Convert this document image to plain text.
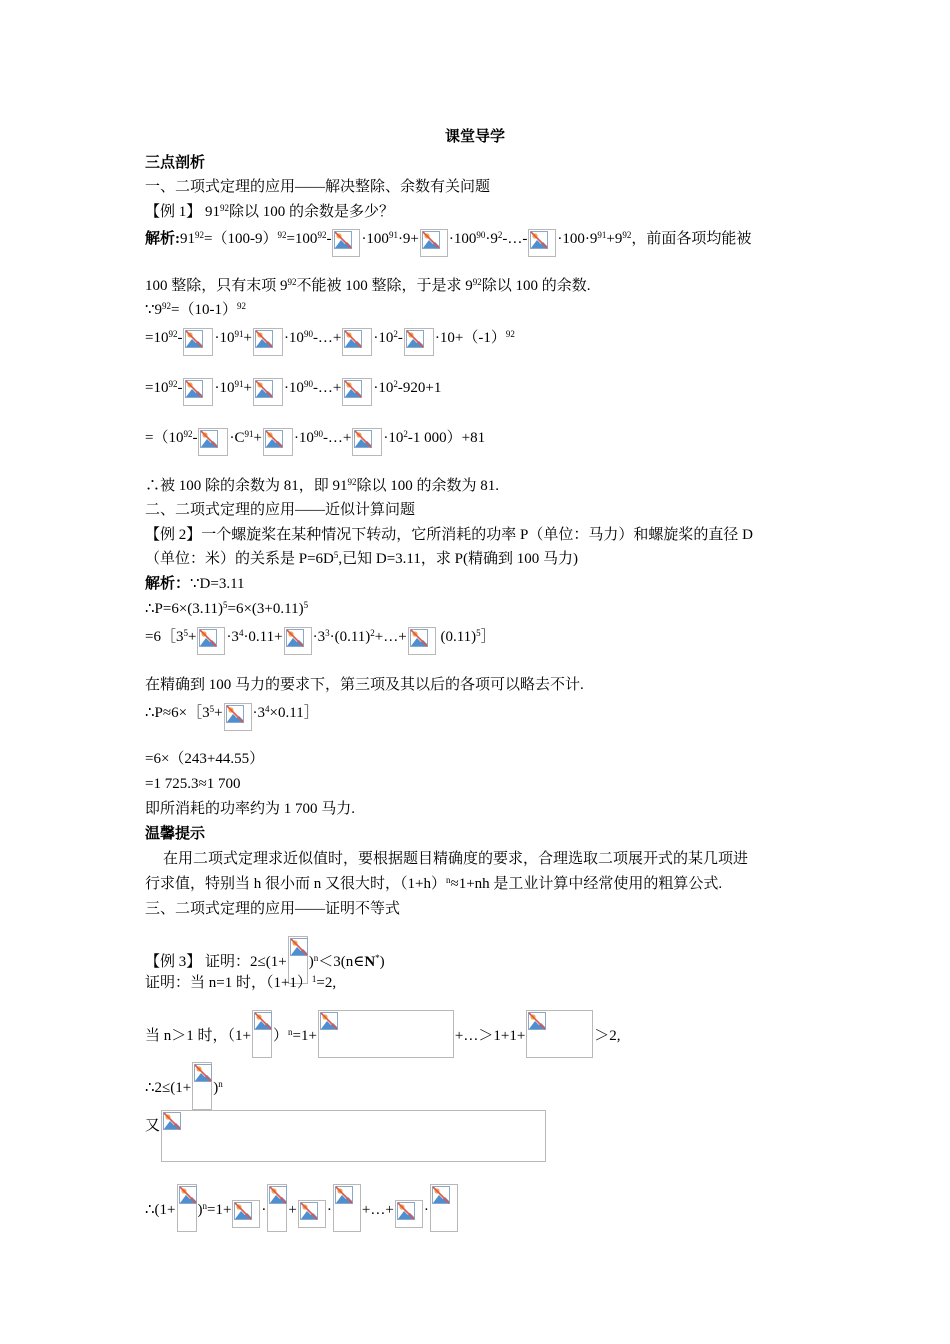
课堂导学
三点剖析
一、二项式定理的应用——解决整除、余数有关问题
【例 1】 $91^{92}$除以 100 的余数是多少？
解析$:91^{92}=(100-9)^{92}=100^{92}- \cdot 100^{91}\cdot 9+$ $\cdot 100^{90}\cdot 9^2-\dots- \cdot 100\cdot 9^{91}+9^{92}$，前面各项均能被
100 整除，只有末项 $9^{92}$不能被 100 整除，于是求 $9^{92}$除以 100 的余数.
$\because 9^{92}=(10-1)^{92}$
$=10^{92}- \cdot 10^{91}+$ $\cdot 10^{90}-\dots+ \cdot 10^2- \cdot 10+(-1)^{92}$
$=10^{92}- \cdot 10^{91}+$ $\cdot 10^{90}-\dots+ \cdot 10^2-920+1$
$=(10^{92}- \cdot C^{91}+$ $\cdot 10^{90}-\dots+ \cdot 10^2-1$ 000）+81
∴被 100 除的余数为 81，即 $91^{92}$除以 100 的余数为 81.
二、二项式定理的应用——近似计算问题
【例 2】一个螺旋桨在某种情况下转动，它所消耗的功率 P（单位：马力）和螺旋桨的直径 D
（单位：米）的关系是 $P=6D^5$,已知 D=3.11，求 P(精确到 100 马力)
解析：∵D=3.11
$\therefore P=6\times(3.11)^5=6\times(3+0.11)^5$
$=6[3^5+ \cdot 3^4\cdot 0.11+$ $\cdot 3^3\cdot(0.11)^2+\dots+$ $(0.11)^5]$
在精确到 100 马力的要求下，第三项及其以后的各项可以略去不计.
$\therefore P\approx 6\times[3^5+$ $\cdot 3^4\times 0.11]$
=6×（243+44.55）
=1 725.3≈1 700
即所消耗的功率约为 1 700 马力.
温馨提示
在用二项式定理求近似值时，要根据题目精确度的要求，合理选取二项展开式的某几项进
行求值，特别当 h 很小而 n 又很大时，$(1+h)^n\approx 1+nh$ 是工业计算中经常使用的粗算公式.
三、二项式定理的应用——证明不等式
【例 3】 证明：$2\le(1+ )^n<3(n\in N^*)$
证明：当 n=1 时，$(1+1)^1=2$,
当 n＞1 时，$(1+ )^n=1+$	+…＞1+1+	＞2,
∴2≤(1+ )$^n$
又
∴(1+ )$^n$=1+ · + · +…+ ·
